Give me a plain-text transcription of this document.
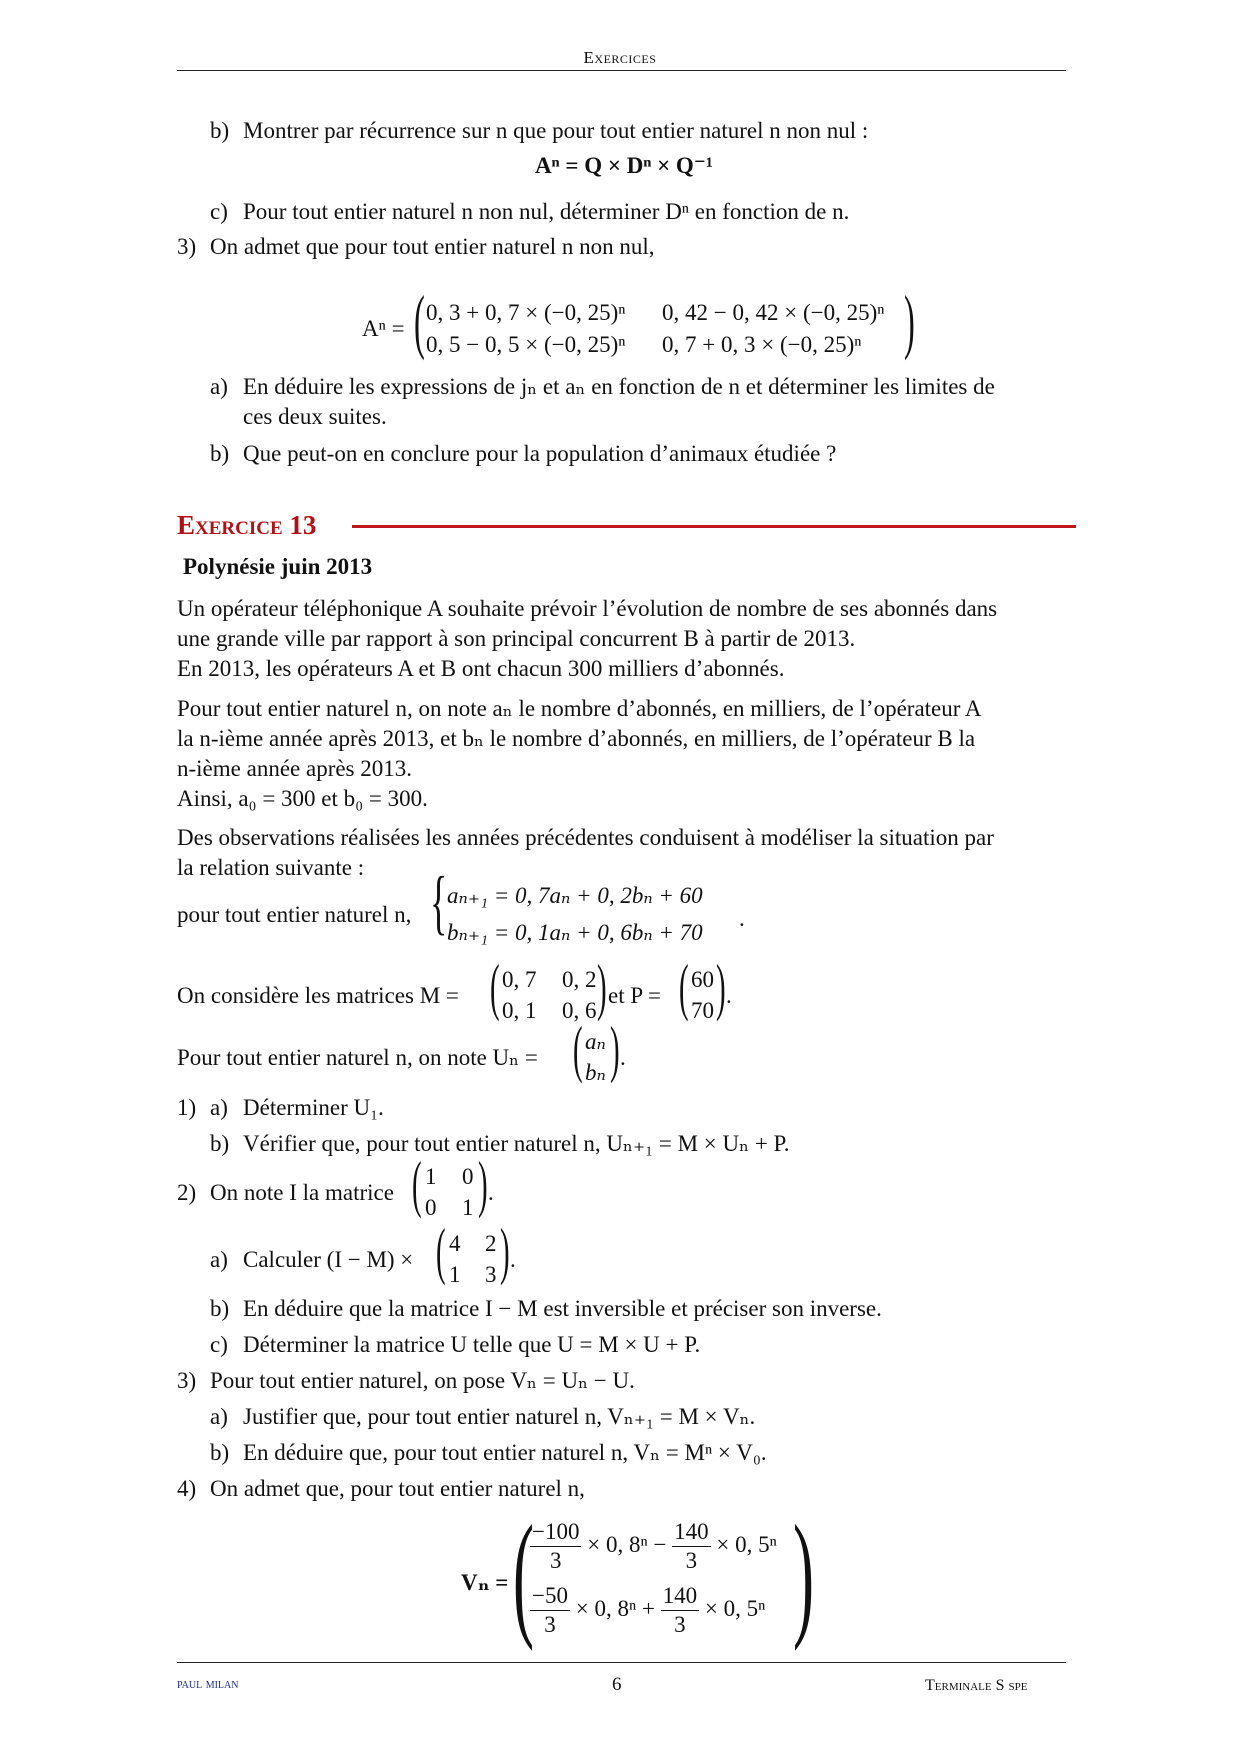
Exercices
b) Montrer par récurrence sur n que pour tout entier naturel n non nul :
Aⁿ = Q × Dⁿ × Q⁻¹
c) Pour tout entier naturel n non nul, déterminer Dⁿ en fonction de n.
3) On admet que pour tout entier naturel n non nul,
Aⁿ = ( 0, 3 + 0, 7 × (−0, 25)ⁿ 0, 42 − 0, 42 × (−0, 25)ⁿ
0, 5 − 0, 5 × (−0, 25)ⁿ 0, 7 + 0, 3 × (−0, 25)ⁿ )
a) En déduire les expressions de jₙ et aₙ en fonction de n et déterminer les limites de
ces deux suites.
b) Que peut-on en conclure pour la population d’animaux étudiée ?
Exercice 13
Polynésie juin 2013
Un opérateur téléphonique A souhaite prévoir l’évolution de nombre de ses abonnés dans
une grande ville par rapport à son principal concurrent B à partir de 2013.
En 2013, les opérateurs A et B ont chacun 300 milliers d’abonnés.
Pour tout entier naturel n, on note aₙ le nombre d’abonnés, en milliers, de l’opérateur A
la n-ième année après 2013, et bₙ le nombre d’abonnés, en milliers, de l’opérateur B la
n-ième année après 2013.
Ainsi, a₀ = 300 et b₀ = 300.
Des observations réalisées les années précédentes conduisent à modéliser la situation par
la relation suivante :
pour tout entier naturel n, { aₙ₊₁ = 0, 7aₙ + 0, 2bₙ + 60
bₙ₊₁ = 0, 1aₙ + 0, 6bₙ + 70
.
On considère les matrices M = ( 0, 7 0, 2
0, 1 0, 6 ) et P = ( 60
70 ) .
Pour tout entier naturel n, on note Uₙ = ( aₙ
bₙ ) .
1) a) Déterminer U₁.
b) Vérifier que, pour tout entier naturel n, Uₙ₊₁ = M × Uₙ + P.
2) On note I la matrice ( 1 0
0 1 ) .
a) Calculer (I − M) × ( 4 2
1 3 ) .
b) En déduire que la matrice I − M est inversible et préciser son inverse.
c) Déterminer la matrice U telle que U = M × U + P.
3) Pour tout entier naturel, on pose Vₙ = Uₙ − U.
a) Justifier que, pour tout entier naturel n, Vₙ₊₁ = M × Vₙ.
b) En déduire que, pour tout entier naturel n, Vₙ = Mⁿ × V₀.
4) On admet que, pour tout entier naturel n,
Vₙ = (
$\frac{-100}{3} \times 0$, $8^n - \frac{140}{3} \times 0$, 5ⁿ
$\frac{-50}{3} \times 0$, $8^n + \frac{140}{3} \times 0$, 5ⁿ )
paul milan	6	Terminale S spe
